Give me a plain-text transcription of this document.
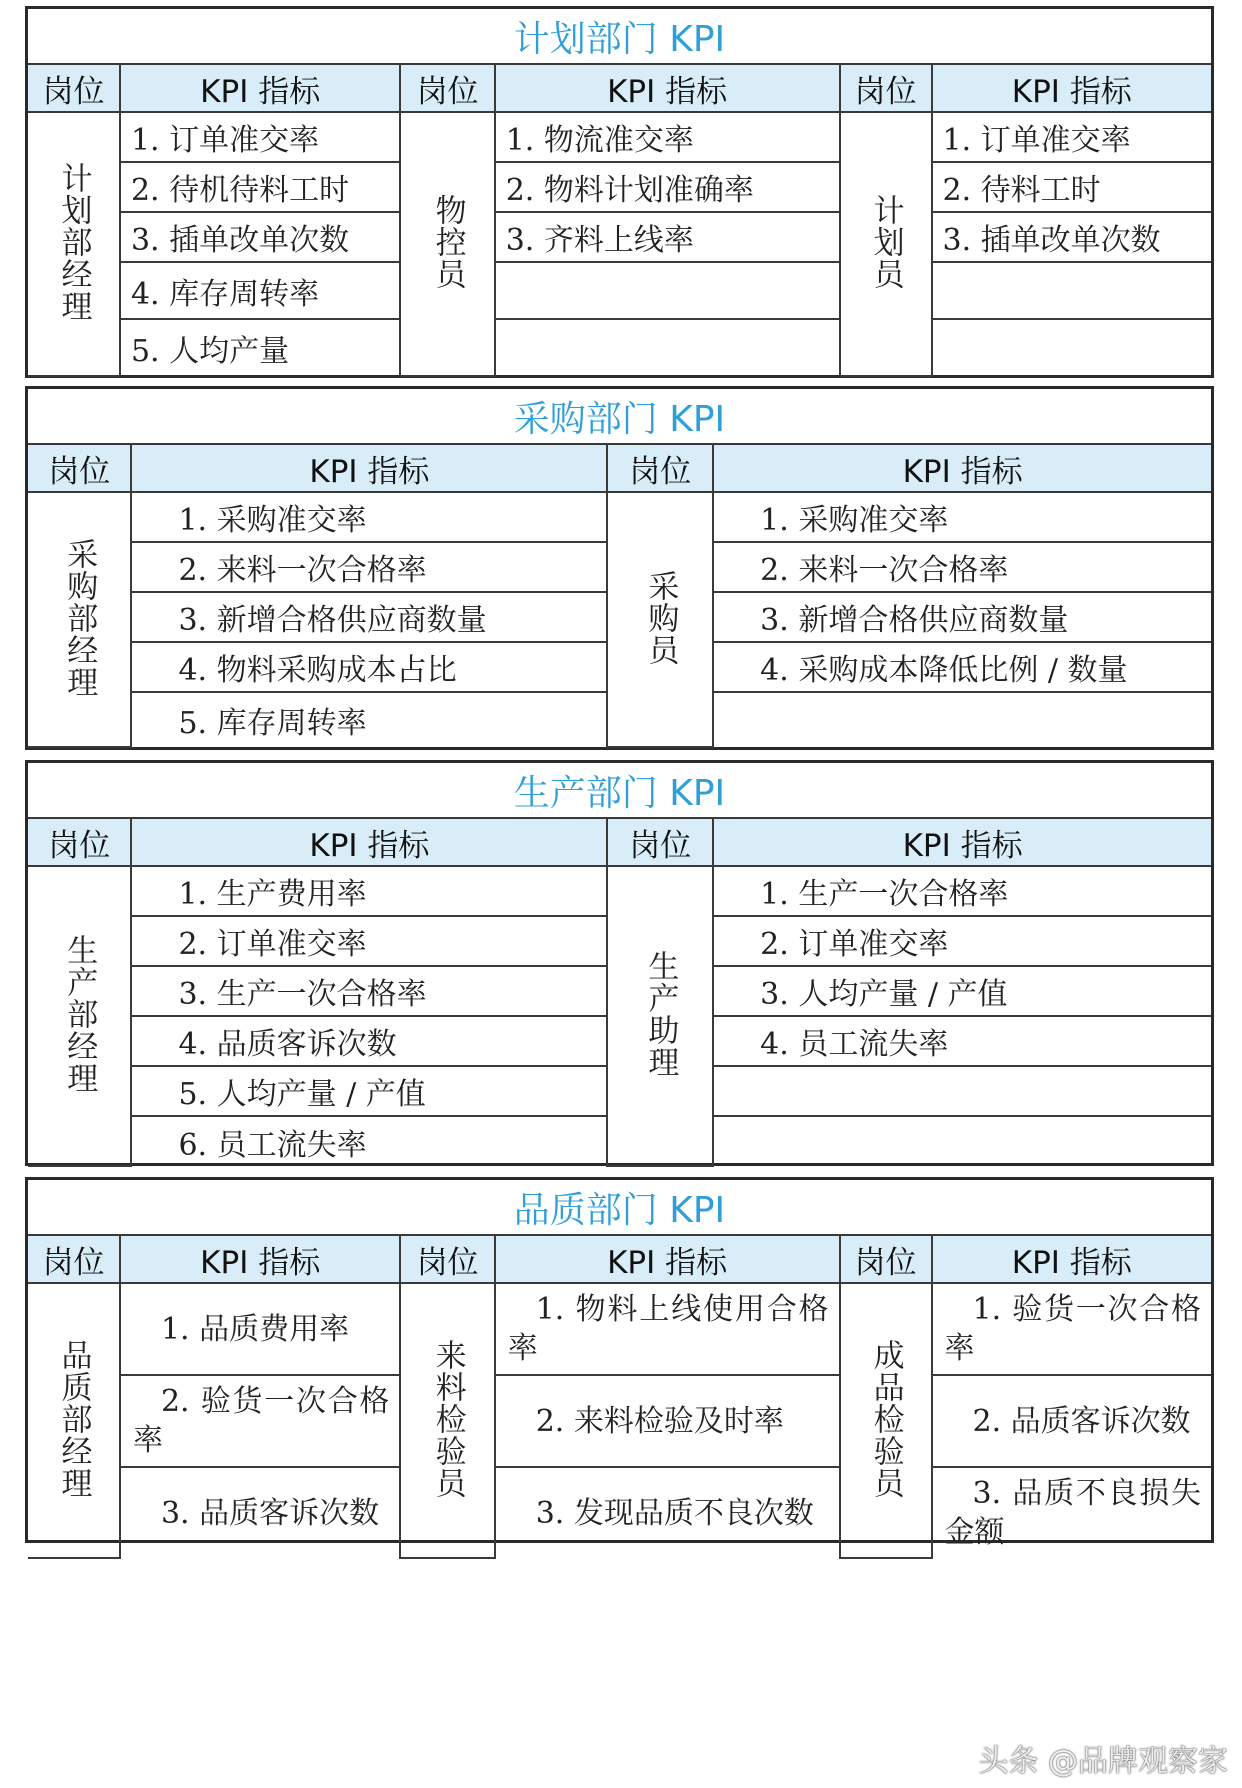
计划部门 KPI					
岗位	KPI 指标	岗位	KPI 指标	岗位	KPI 指标
计划部经理	1. 订单准交率	物控员	1. 物流准交率	计划员	1. 订单准交率
	2. 待机待料工时		2. 物料计划准确率		2. 待料工时
	3. 插单改单次数		3. 齐料上线率		3. 插单改单次数
	4. 库存周转率				
	5. 人均产量				
采购部门 KPI			
岗位	KPI 指标	岗位	KPI 指标
采购部经理	1. 采购准交率	采购员	1. 采购准交率
	2. 来料一次合格率		2. 来料一次合格率
	3. 新增合格供应商数量		3. 新增合格供应商数量
	4. 物料采购成本占比		4. 采购成本降低比例 / 数量
	5. 库存周转率		
生产部门 KPI			
岗位	KPI 指标	岗位	KPI 指标
生产部经理	1. 生产费用率	生产助理	1. 生产一次合格率
	2. 订单准交率		2. 订单准交率
	3. 生产一次合格率		3. 人均产量 / 产值
	4. 品质客诉次数		4. 员工流失率
	5. 人均产量 / 产值		
	6. 员工流失率		
品质部门 KPI					
岗位	KPI 指标	岗位	KPI 指标	岗位	KPI 指标
品质部经理	1. 品质费用率	来料检验员	1. 物料上线使用合格率	成品检验员	1. 验货一次合格率
	2. 验货一次合格率		2. 来料检验及时率		2. 品质客诉次数
	3. 品质客诉次数		3. 发现品质不良次数		3. 品质不良损失金额
头条 @品牌观察家
